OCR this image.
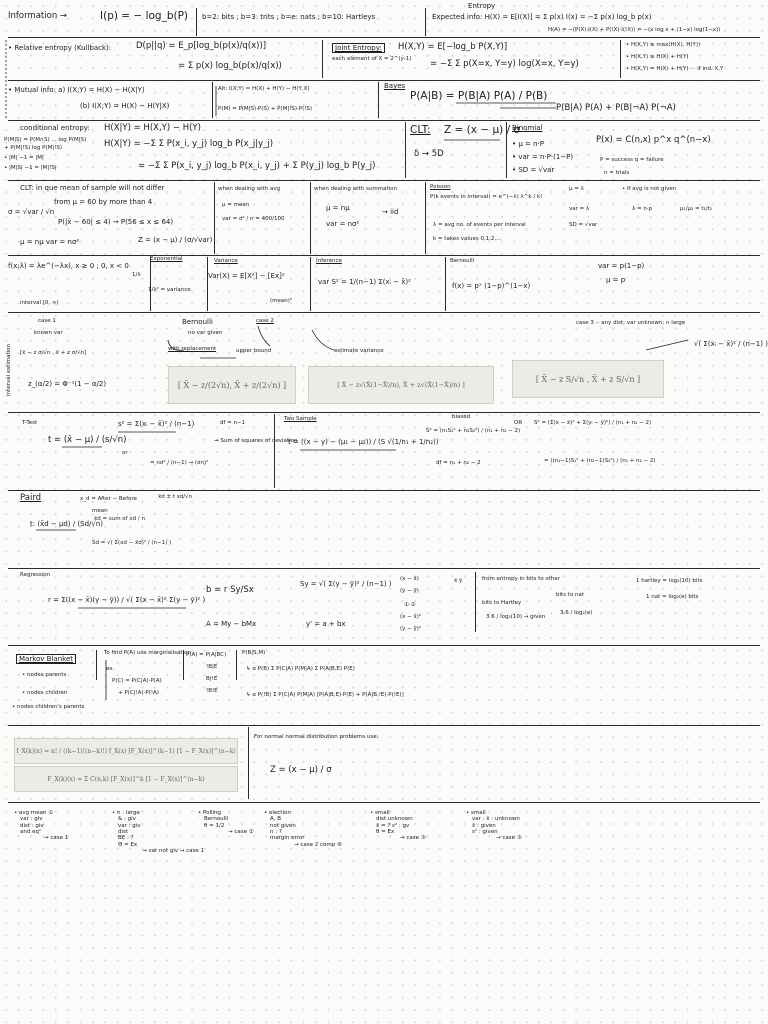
Information →	I(p) = − log_b(P) b=2: bits ; b=3: trits ; b=e: nats ; b=10: Hartleys
Entropy
Expected info: H(X) = E[I(X)] = Σ p(x) I(x) = −Σ p(x) log_b p(x)
H(A) = −(P(X)·I(X) + P(!X)·I(!X)) = −(x log x + (1−x) log(1−x))
• Relative entropy (Kullback):	D(p||q) = E_p[log_b(p(x)/q(x))]
= Σ p(x) log_b(p(x)/q(x))
Joint Entropy:	H(X,Y) = E[−log_b P(X,Y)]
each element of X = 2^(y-1) = −Σ Σ p(X=x, Y=y) log(X=x, Y=y)
• H(X,Y) ≥ max(H(X), H(Y))
• H(X,Y) ≤ H(X) + H(Y)
• H(X,Y) = H(X) + H(Y) ··· if ind. X,Y
• Mutual info: a) I(X;Y) = H(X) − H(X|Y)
(b) I(X;Y) = H(X) − H(Y|X)
Alt: I(X;Y) = H(X) + H(Y) − H(Y,X)
P(M) = P(M|S)·P(S) + P(M|!S)·P(!S)
Bayes
P(A|B) = P(B|A) P(A) / P(B)
P(B|A) P(A) + P(B|¬A) P(¬A)
conditional entropy: H(X|Y) = H(X,Y) − H(Y)
H(X|Y) = −Σ Σ P(x_i, y_j) log_b P(x_j|y_j)
= −Σ Σ P(x_i, y_j) log_b P(x_i, y_j) + Σ P(y_j) log_b P(y_j)
P(M|S) = P(M∩S) ... log P(M|S)
+ P(M|!S) log P(M|!S)
• |M| −1 = |M|
• |M|S| −1 = |M|!S|
CLT: Z = (x − μ) / σ
δ → 5D
Binomial
P(x) = C(n,x) p^x q^(n−x)
• μ = n·P
• var = n·P·(1−P)
• SD = √var
P = success q = failure
n = trials
CLT: in que mean of sample will not differ
from μ = 60 by more than 4
σ = √var / √n
P(|x̄ − 60| ≤ 4) → P(56 ≤ x ≤ 64)
μ = nμ var = nσ²	Z = (x − μ) / (σ/√var)
when dealing with avg
μ = mean
var = σ² / n = 400/100
when dealing with summation
μ = nμ
var = nσ²
→ iid
Poisson
P(k events in interval) = e^(−λ) λ^k / k!
μ = λ
var = λ
SD = √var
λ = avg no. of events per interval
k = takes values 0,1,2,...
• If avg is not given
λ = n·p	μ₁/μ₂ = t₁/t₂
f(x;λ) = λe^(−λx), x ≥ 0 ; 0, x < 0
interval [0, ∞)
Exponential
1/λ
1/λ² = variance
Variance
Var(X) = E[X²] − [Ex]²
(mean)²
Inference
var S² = 1/(n−1) Σ(xᵢ − x̄)²
Bernoulli
f(x) = pˣ (1−p)^(1−x)
var = p(1−p)
μ = p
Interval estimation
case 1
known var
[x̄ − z σ/√n , x̄ + z σ/√n]
z_(α/2) = Φ⁻¹(1 − α/2)
Bernoulli	case 2
no var given
with replacement	upper bound	estimate variance
case 3 :- any dist; var unknown; n large
[ X̄ − z/(2√n), X̄ + z/(2√n) ]	[ X̄ − z√(X̄(1−X̄)/n), X̄ + z√(X̄(1−X̄)/n) ]
[ X̄ − z S/√n , X̄ + z S/√n ]
√( Σ(xᵢ − x̄)² / (n−1) )
T-Test
t = (x̄ − μ) / (s/√n)
s² = Σ(xᵢ − x̄)² / (n−1)
or
= nσ² / (n−1) → (σn)²
df = n−1
→ Sum of squares of deviation
Two Sample
t = ((x − y) − (μ₁ − μ₂)) / (S √(1/n₁ + 1/n₂))
biased
S² = (n₁S₁² + n₂S₂²) / (n₁ + n₂ − 2)
df = n₁ + n₂ − 2
OR S² = (Σ(x − x̄)² + Σ(yᵢ − ȳ)²) / (n₁ + n₂ − 2)
= ((n₁−1)S₁² + (n₂−1)S₂²) / (n₁ + n₂ − 2)
Paird	x_d = After − Before	x̄d ± t sd/√n
mean
x̄d = sum of xd / n
t: (x̄d − μd) / (Sd/√n)
Sd = √( Σ(xd − x̄d)² / (n−1) )
Regression
r = Σ((x − x̄)(y − ȳ)) / √( Σ(x − x̄)² Σ(y − ȳ)² )
b = r Sy/Sx
A = My − bMx
Sy = √( Σ(y − ȳ)² / (n−1) )
y' = a + bx
(x − x̄)
(y − ȳ)
①·②
(x − x̄)²
(y − ȳ)²
x̄ ȳ	from entropy in bits to other
bits to Hartley
3.6 / log₂(10) → given
bits to nat
3.6 / log₂(e)
1 hartley = log₂(10) bits
1 nat = log₂(e) bits
Markov Blanket
• nodes parents
• nodes children
• nodes children's parents
To find P(A) use marginalisation
ex.
P(C) = P(C|A)·P(A)
+ P(C|!A)·P(!A)
P(A) = P(A|BC)
!B|E
B|!E
!B!E
P(B|S,M)
↳ α P(B) Σ P(C|A) P(M|A) Σ P(A|B,E) P(E)
↳ α P(!B) Σ P(C|A) P(M|A) [P(A|B,E)·P(E) + P(A|B,!E)·P(!E)]
f_X(k)(x) = n! / ((k−1)!(n−k)!) f_X(x) [F_X(x)]^(k−1) [1 − F_X(x)]^(n−k)
F_X(k)(x) = Σ C(n,k) [F_X(x)]^k [1 − F_X(x)]^(n−k)
For normal normal distribution problems use:
Z = (x − μ) / σ
• avg mean ①
var : giv
dist : giv
and eqⁿ
→ case 1
• n : large
& : giv
var : giv
dist
BE : ?
Θ = Ex
→ var not giv → case 1
• Polling
Bernoulli
θ = 1/2
→ case ②
• election
A, B
not given
n : ?
margin error
→ case 2 comp ⑥
• small
dist unknown
x̄ = ? s² : gv
θ = Ex
→ case ③
• small
var : x̄ : unknown
x̄ : given
s² : given
→ case ③
